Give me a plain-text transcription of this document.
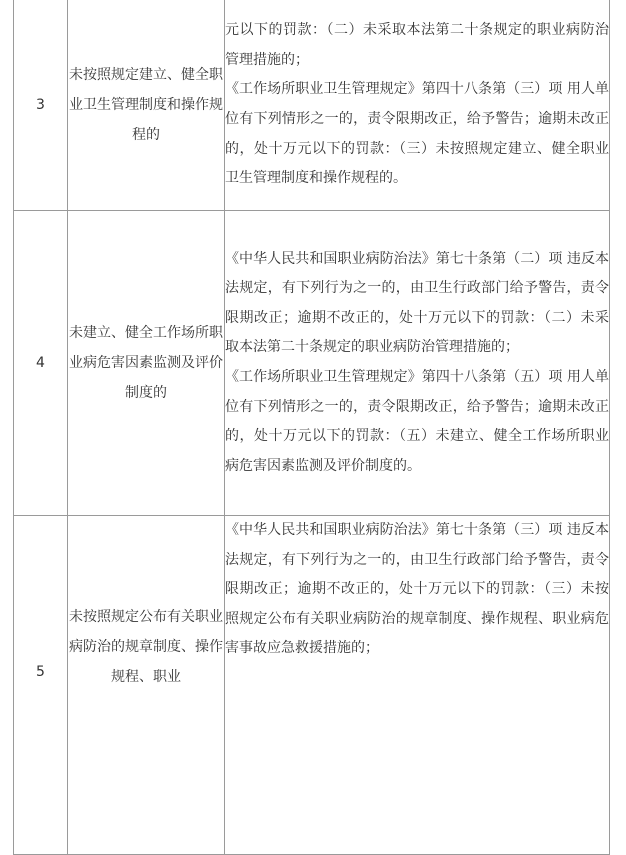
3	未按照规定建立、健全职业卫生管理制度和操作规程的	元以下的罚款：（二）未采取本法第二十条规定的职业病防治管理措施的；
《工作场所职业卫生管理规定》第四十八条第（三）项 用人单位有下列情形之一的，责令限期改正，给予警告；逾期未改正的，处十万元以下的罚款：（三）未按照规定建立、健全职业卫生管理制度和操作规程的。

4	未建立、健全工作场所职业病危害因素监测及评价制度的	《中华人民共和国职业病防治法》第七十条第（二）项 违反本法规定，有下列行为之一的，由卫生行政部门给予警告，责令限期改正；逾期不改正的，处十万元以下的罚款：（二）未采取本法第二十条规定的职业病防治管理措施的；
《工作场所职业卫生管理规定》第四十八条第（五）项 用人单位有下列情形之一的，责令限期改正，给予警告；逾期未改正的，处十万元以下的罚款：（五）未建立、健全工作场所职业病危害因素监测及评价制度的。

5	未按照规定公布有关职业病防治的规章制度、操作规程、职业	《中华人民共和国职业病防治法》第七十条第（三）项 违反本法规定，有下列行为之一的，由卫生行政部门给予警告，责令限期改正；逾期不改正的，处十万元以下的罚款：（三）未按照规定公布有关职业病防治的规章制度、操作规程、职业病危害事故应急救援措施的；
